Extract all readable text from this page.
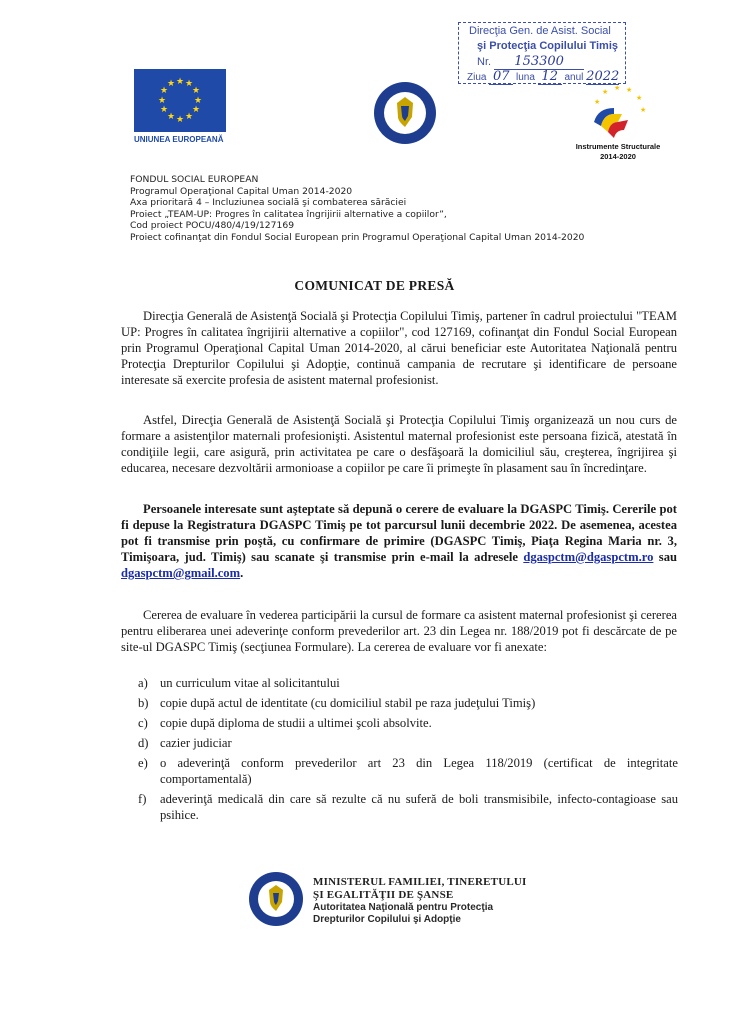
Direcţia Gen. de Asist. Social
şi Protecţia Copilului Timiş
Nr. 153300
Ziua 07 luna 12 anul 2022
★ ★
★
★
★
★
★
★
★
★
★
★
UNIUNEA EUROPEANĂ
★
★ ★ ★
★
★
Instrumente Structurale
2014-2020
FONDUL SOCIAL EUROPEAN
Programul Operaţional Capital Uman 2014-2020
Axa prioritară 4 – Incluziunea socială şi combaterea sărăciei
Proiect „TEAM-UP: Progres în calitatea îngrijirii alternative a copiilor”,
Cod proiect POCU/480/4/19/127169
Proiect cofinanţat din Fondul Social European prin Programul Operaţional Capital Uman 2014-2020
COMUNICAT DE PRESĂ
Direcţia Generală de Asistenţă Socială şi Protecţia Copilului Timiş, partener în cadrul proiectului "TEAM UP: Progres în calitatea îngrijirii alternative a copiilor", cod 127169, cofinanţat din Fondul Social European prin Programul Operaţional Capital Uman 2014-2020, al cărui beneficiar este Autoritatea Naţională pentru Protecţia Drepturilor Copilului şi Adopţie, continuă campania de recrutare şi identificare de persoane interesate să exercite profesia de asistent maternal profesionist.
Astfel, Direcţia Generală de Asistenţă Socială şi Protecţia Copilului Timiş organizează un nou curs de formare a asistenţilor maternali profesionişti. Asistentul maternal profesionist este persoana fizică, atestată în condiţiile legii, care asigură, prin activitatea pe care o desfăşoară la domiciliul său, creşterea, îngrijirea şi educarea, necesare dezvoltării armonioase a copiilor pe care îi primeşte în plasament sau în încredinţare.
Persoanele interesate sunt aşteptate să depună o cerere de evaluare la DGASPC Timiş. Cererile pot fi depuse la Registratura DGASPC Timiş pe tot parcursul lunii decembrie 2022. De asemenea, acestea pot fi transmise prin poştă, cu confirmare de primire (DGASPC Timiş, Piaţa Regina Maria nr. 3, Timişoara, jud. Timiş) sau scanate şi transmise prin e-mail la adresele dgaspctm@dgaspctm.ro sau dgaspctm@gmail.com.
Cererea de evaluare în vederea participării la cursul de formare ca asistent maternal profesionist şi cererea pentru eliberarea unei adeverinţe conform prevederilor art. 23 din Legea nr. 188/2019 pot fi descărcate de pe site-ul DGASPC Timiş (secţiunea Formulare). La cererea de evaluare vor fi anexate:
a) un curriculum vitae al solicitantului
b) copie după actul de identitate (cu domiciliul stabil pe raza judeţului Timiş)
c) copie după diploma de studii a ultimei şcoli absolvite.
d) cazier judiciar
e) o adeverinţă conform prevederilor art 23 din Legea 118/2019 (certificat de integritate comportamentală)
f) adeverinţă medicală din care să rezulte că nu suferă de boli transmisibile, infecto-contagioase sau psihice.
MINISTERUL FAMILIEI, TINERETULUI
ŞI EGALITĂŢII DE ŞANSE
Autoritatea Naţională pentru Protecţia
Drepturilor Copilului şi Adopţie
